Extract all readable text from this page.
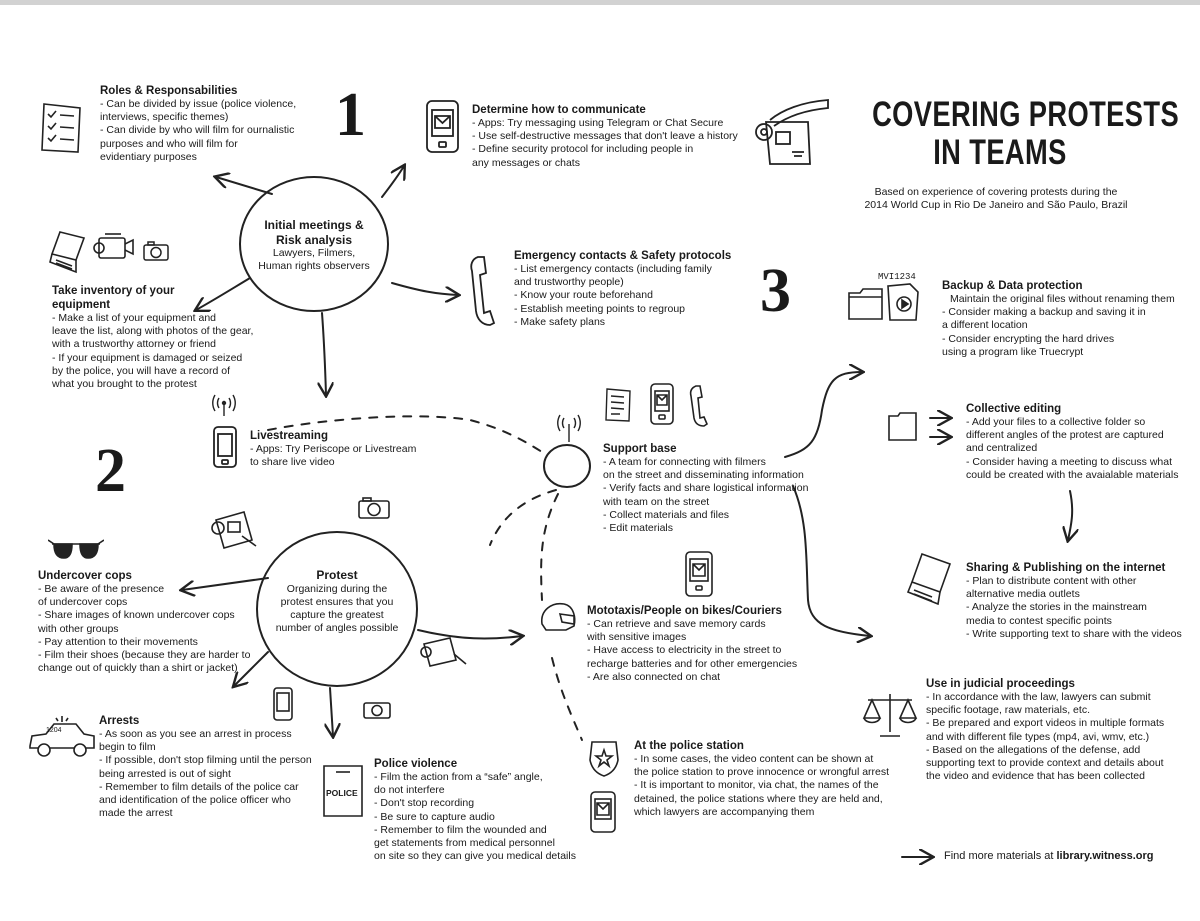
COVERING PROTESTS
IN TEAMS
Based on experience of covering protests during the
2014 World Cup in Rio De Janeiro and São Paulo, Brazil
1
2
3
Initial meetings &
Risk analysis
Lawyers, Filmers,
Human rights observers
Protest
Organizing during the
protest ensures that you
capture the greatest
number of angles possible
Roles & Responsabilities
- Can be divided by issue (police violence,
interviews, specific themes)
- Can divide by who will film for ournalistic
purposes and who will film for
evidentiary purposes
Determine how to communicate
- Apps: Try messaging using Telegram or Chat Secure
- Use self-destructive messages that don't leave a history
- Define security protocol for including people in
any messages or chats
Emergency contacts & Safety protocols
- List emergency contacts (including family
and trustworthy people)
- Know your route beforehand
- Establish meeting points to regroup
- Make safety plans
Take inventory of your
equipment
- Make a list of your equipment and
leave the list, along with photos of the gear,
with a trustworthy attorney or friend
- If your equipment is damaged or seized
by the police, you will have a record of
what you brought to the protest
Livestreaming
- Apps: Try Periscope or Livestream
to share live video
Support base
- A team for connecting with filmers
on the street and disseminating information
- Verify facts and share logistical information
with team on the street
- Collect materials and files
- Edit materials
Undercover cops
- Be aware of the presence
of undercover cops
- Share images of known undercover cops
with other groups
- Pay attention to their movements
- Film their shoes (because they are harder to
change out of quickly than a shirt or jacket)
Mototaxis/People on bikes/Couriers
- Can retrieve and save memory cards
with sensitive images
- Have access to electricity in the street to
recharge batteries and for other emergencies
- Are also connected on chat
Arrests
- As soon as you see an arrest in process
begin to film
- If possible, don't stop filming until the person
being arrested is out of sight
- Remember to film details of the police car
and identification of the police officer who
made the arrest
Police violence
- Film the action from a “safe” angle,
do not interfere
- Don't stop recording
- Be sure to capture audio
- Remember to film the wounded and
get statements from medical personnel
on site so they can give you medical details
At the police station
- In some cases, the video content can be shown at
the police station to prove innocence or wrongful arrest
- It is important to monitor, via chat, the names of the
detained, the police stations where they are held and,
which lawyers are accompanying them
Backup & Data protection
Maintain the original files without renaming them
- Consider making a backup and saving it in
a different location
- Consider encrypting the hard drives
using a program like Truecrypt
Collective editing
- Add your files to a collective folder so
different angles of the protest are captured
and centralized
- Consider having a meeting to discuss what
could be created with the avaialable materials
Sharing & Publishing on the internet
- Plan to distribute content with other
alternative media outlets
- Analyze the stories in the mainstream
media to contest specific points
- Write supporting text to share with the videos
Use in judicial proceedings
- In accordance with the law, lawyers can submit
specific footage, raw materials, etc.
- Be prepared and export videos in multiple formats
and with different file types (mp4, avi, wmv, etc.)
- Based on the allegations of the defense, add
supporting text to provide context and details about
the video and evidence that has been collected
Find more materials at library.witness.org
MVI1234
1204
POLICE
